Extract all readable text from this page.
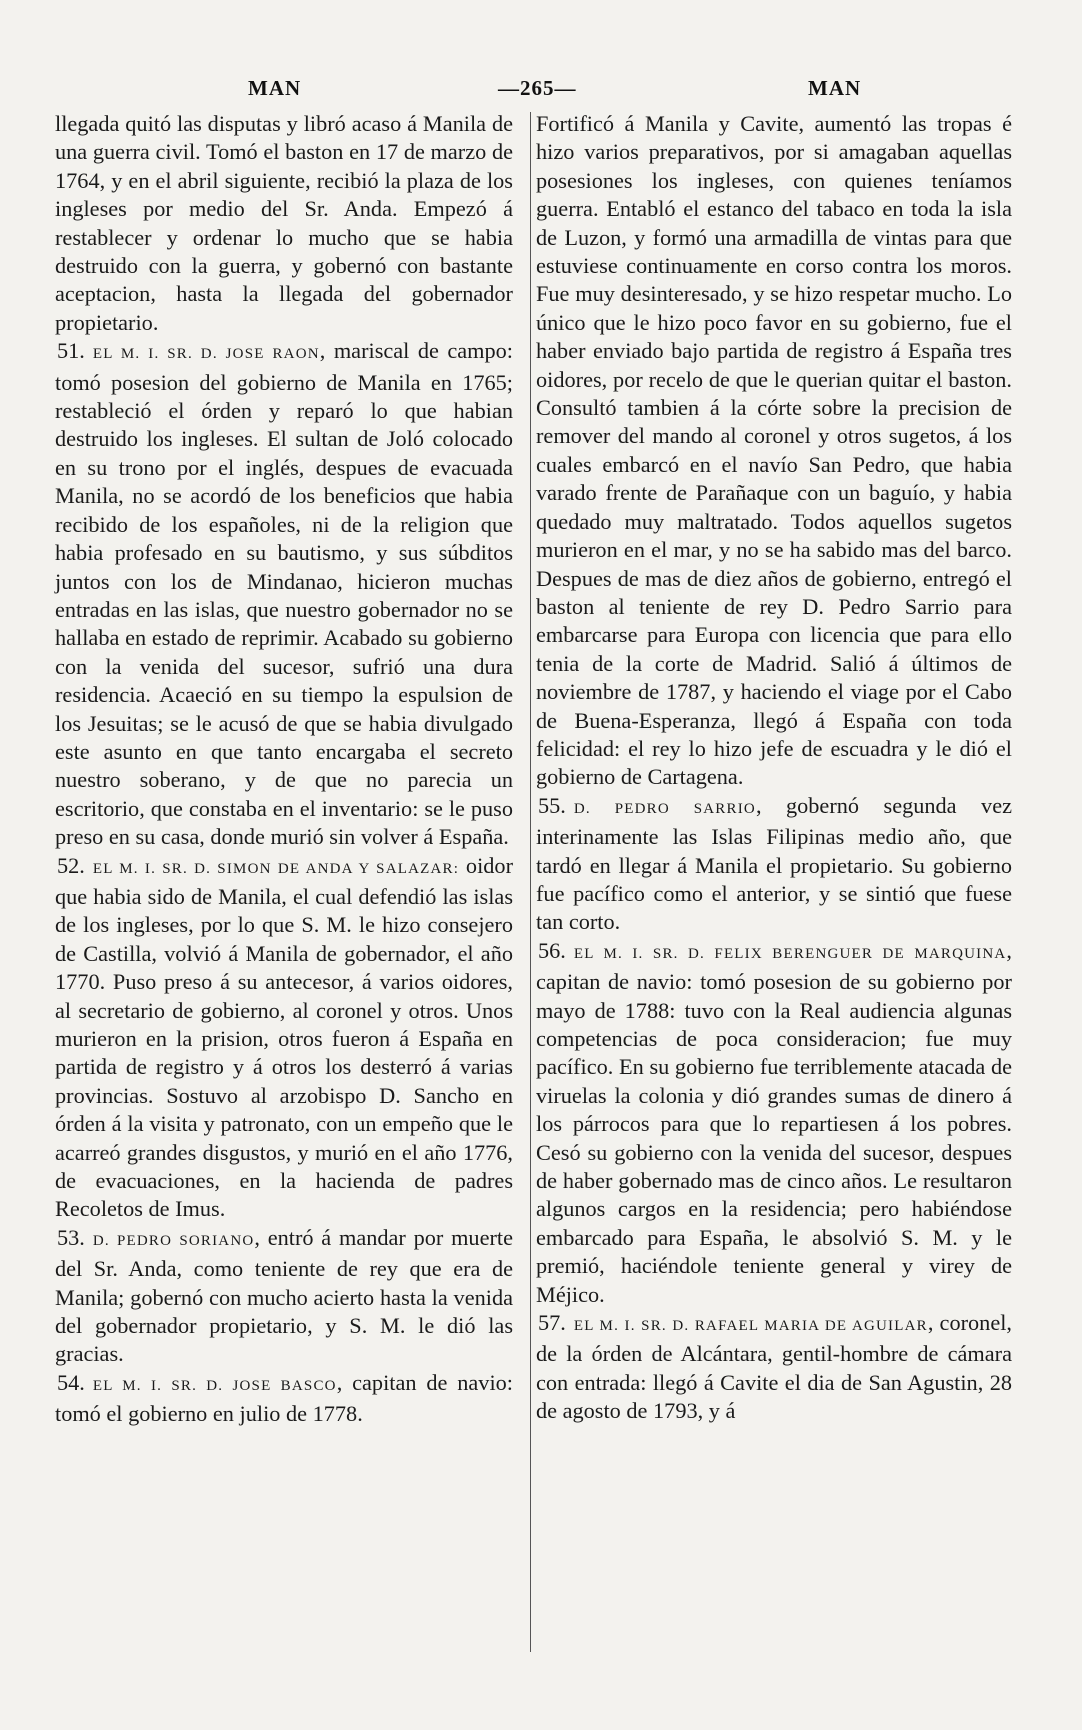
MAN	—265—	MAN

llegada quitó las disputas y libró acaso á Manila de una guerra civil. Tomó el baston en 17 de marzo de 1764, y en el abril siguiente, recibió la plaza de los ingleses por medio del Sr. Anda. Empezó á restablecer y ordenar lo mucho que se habia destruido con la guerra, y gobernó con bastante aceptacion, hasta la llegada del gobernador propietario.

51. EL M. I. SR. D. JOSE RAON, mariscal de campo: tomó posesion del gobierno de Manila en 1765; restableció el órden y reparó lo que habian destruido los ingleses. El sultan de Joló colocado en su trono por el inglés, despues de evacuada Manila, no se acordó de los beneficios que habia recibido de los españoles, ni de la religion que habia profesado en su bautismo, y sus súbditos juntos con los de Mindanao, hicieron muchas entradas en las islas, que nuestro gobernador no se hallaba en estado de reprimir. Acabado su gobierno con la venida del sucesor, sufrió una dura residencia. Acaeció en su tiempo la espulsion de los Jesuitas; se le acusó de que se habia divulgado este asunto en que tanto encargaba el secreto nuestro soberano, y de que no parecia un escritorio, que constaba en el inventario: se le puso preso en su casa, donde murió sin volver á España.

52. EL M. I. SR. D. SIMON DE ANDA Y SALAZAR: oidor que habia sido de Manila, el cual defendió las islas de los ingleses, por lo que S. M. le hizo consejero de Castilla, volvió á Manila de gobernador, el año 1770. Puso preso á su antecesor, á varios oidores, al secretario de gobierno, al coronel y otros. Unos murieron en la prision, otros fueron á España en partida de registro y á otros los desterró á varias provincias. Sostuvo al arzobispo D. Sancho en órden á la visita y patronato, con un empeño que le acarreó grandes disgustos, y murió en el año 1776, de evacuaciones, en la hacienda de padres Recoletos de Imus.

53. D. PEDRO SORIANO, entró á mandar por muerte del Sr. Anda, como teniente de rey que era de Manila; gobernó con mucho acierto hasta la venida del gobernador propietario, y S. M. le dió las gracias.

54. EL M. I. SR. D. JOSE BASCO, capitan de navio: tomó el gobierno en julio de 1778.

Fortificó á Manila y Cavite, aumentó las tropas é hizo varios preparativos, por si amagaban aquellas posesiones los ingleses, con quienes teníamos guerra. Entabló el estanco del tabaco en toda la isla de Luzon, y formó una armadilla de vintas para que estuviese continuamente en corso contra los moros. Fue muy desinteresado, y se hizo respetar mucho. Lo único que le hizo poco favor en su gobierno, fue el haber enviado bajo partida de registro á España tres oidores, por recelo de que le querian quitar el baston. Consultó tambien á la córte sobre la precision de remover del mando al coronel y otros sugetos, á los cuales embarcó en el navío San Pedro, que habia varado frente de Parañaque con un baguío, y habia quedado muy maltratado. Todos aquellos sugetos murieron en el mar, y no se ha sabido mas del barco. Despues de mas de diez años de gobierno, entregó el baston al teniente de rey D. Pedro Sarrio para embarcarse para Europa con licencia que para ello tenia de la corte de Madrid. Salió á últimos de noviembre de 1787, y haciendo el viage por el Cabo de Buena-Esperanza, llegó á España con toda felicidad: el rey lo hizo jefe de escuadra y le dió el gobierno de Cartagena.

55. D. PEDRO SARRIO, gobernó segunda vez interinamente las Islas Filipinas medio año, que tardó en llegar á Manila el propietario. Su gobierno fue pacífico como el anterior, y se sintió que fuese tan corto.

56. EL M. I. SR. D. FELIX BERENGUER DE MARQUINA, capitan de navio: tomó posesion de su gobierno por mayo de 1788: tuvo con la Real audiencia algunas competencias de poca consideracion; fue muy pacífico. En su gobierno fue terriblemente atacada de viruelas la colonia y dió grandes sumas de dinero á los párrocos para que lo repartiesen á los pobres. Cesó su gobierno con la venida del sucesor, despues de haber gobernado mas de cinco años. Le resultaron algunos cargos en la residencia; pero habiéndose embarcado para España, le absolvió S. M. y le premió, haciéndole teniente general y virey de Méjico.

57. EL M. I. SR. D. RAFAEL MARIA DE AGUILAR, coronel, de la órden de Alcántara, gentil-hombre de cámara con entrada: llegó á Cavite el dia de San Agustin, 28 de agosto de 1793, y á
